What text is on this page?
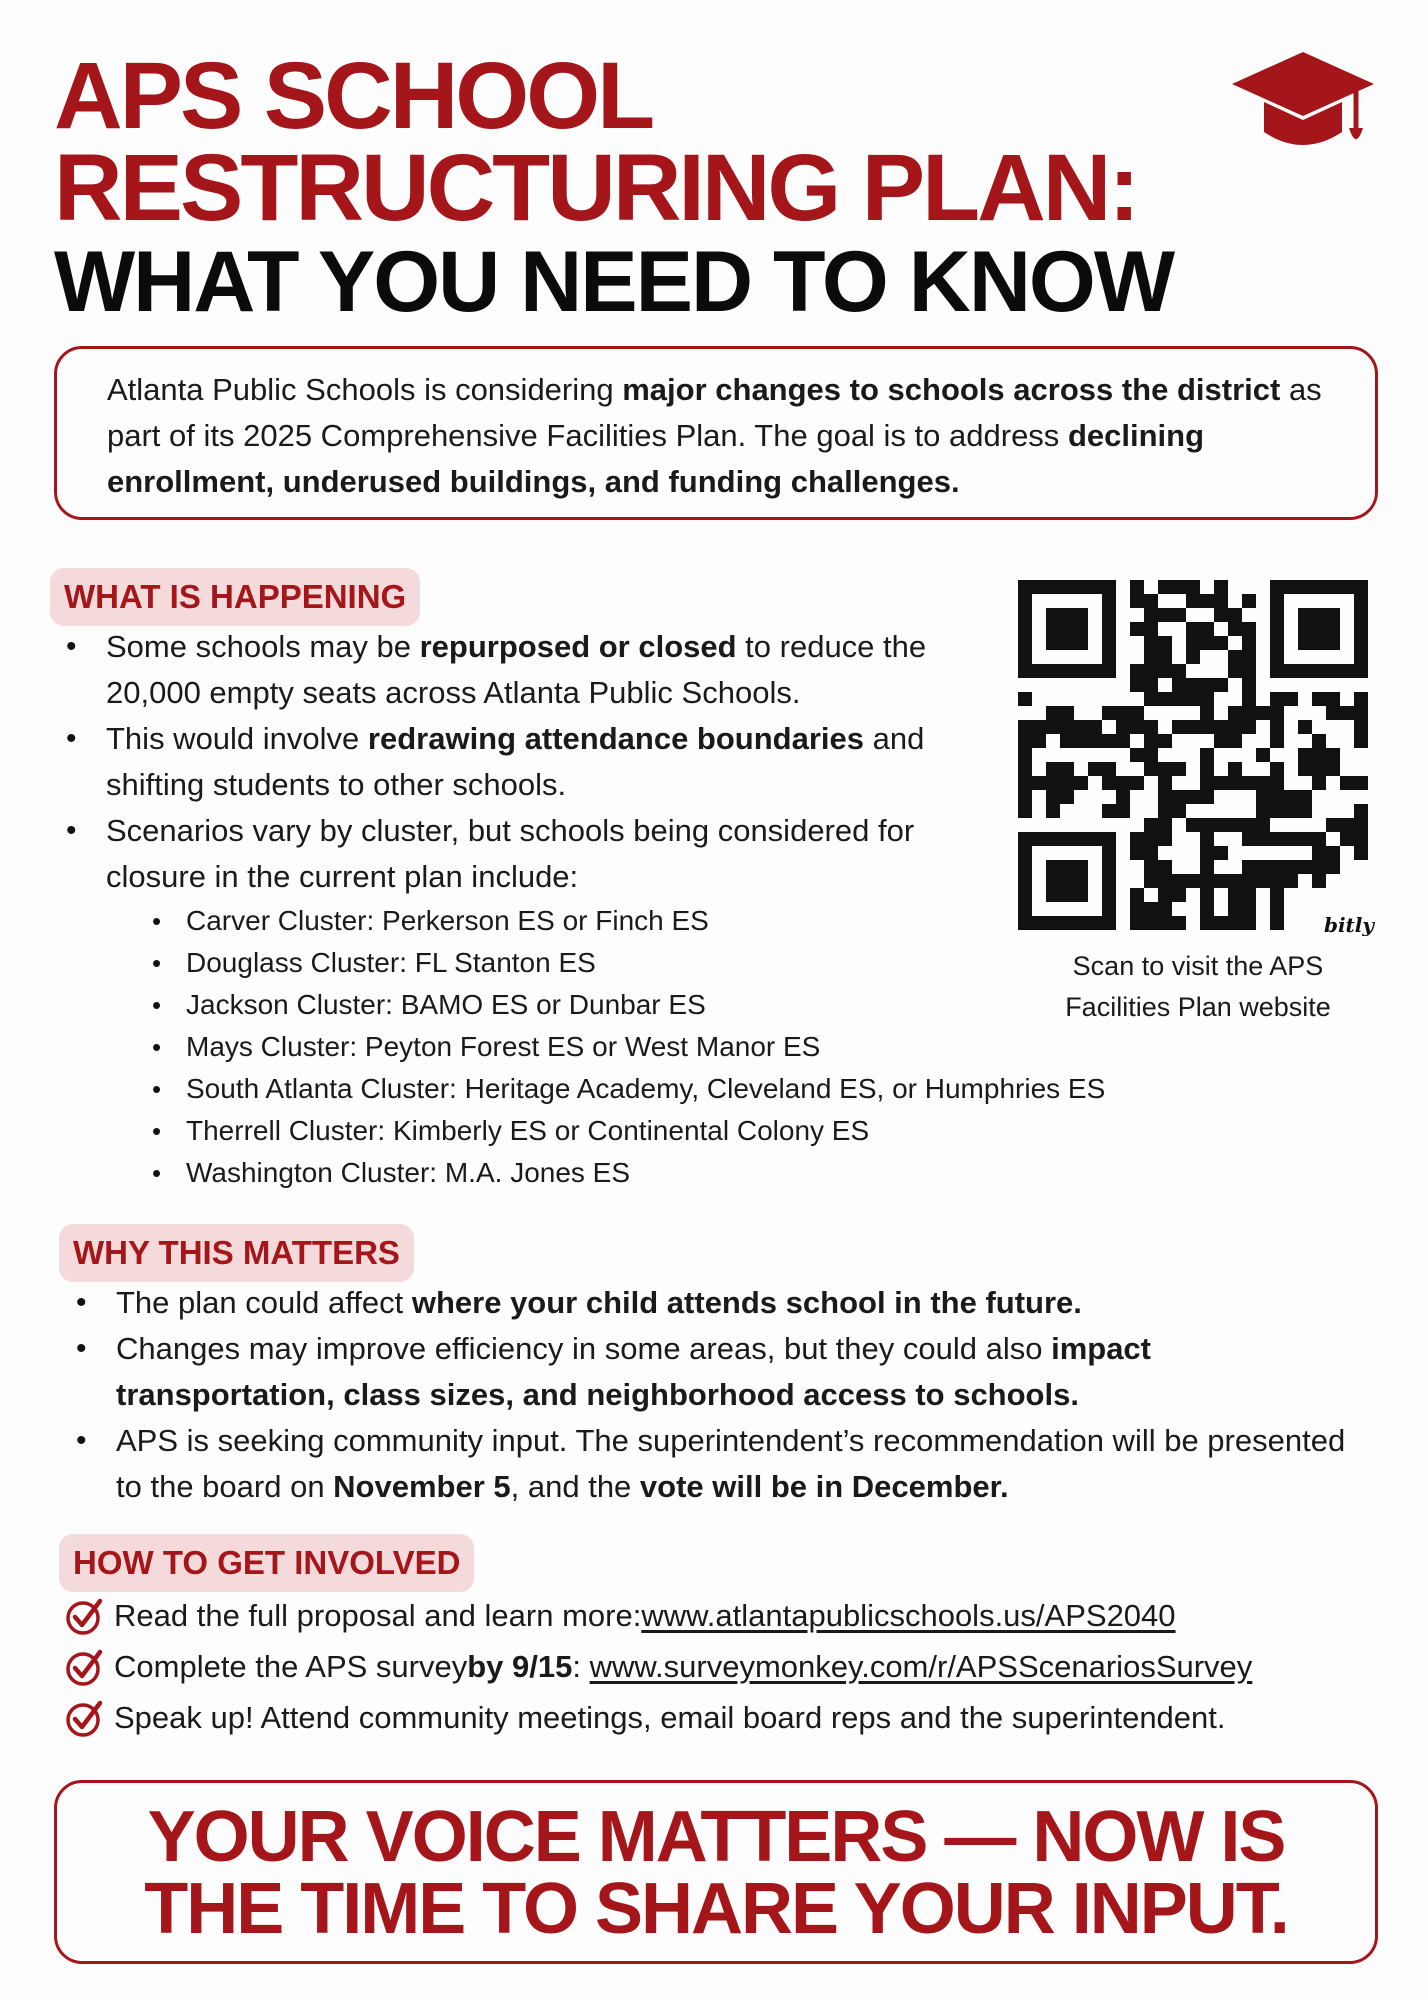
APS SCHOOL
RESTRUCTURING PLAN:
WHAT YOU NEED TO KNOW

Atlanta Public Schools is considering major changes to schools across the district as part of its 2025 Comprehensive Facilities Plan. The goal is to address declining enrollment, underused buildings, and funding challenges.

WHAT IS HAPPENING
• Some schools may be repurposed or closed to reduce the 20,000 empty seats across Atlanta Public Schools.
• This would involve redrawing attendance boundaries and shifting students to other schools.
• Scenarios vary by cluster, but schools being considered for closure in the current plan include:
• Carver Cluster: Perkerson ES or Finch ES
• Douglass Cluster: FL Stanton ES
• Jackson Cluster: BAMO ES or Dunbar ES
• Mays Cluster: Peyton Forest ES or West Manor ES
• South Atlanta Cluster: Heritage Academy, Cleveland ES, or Humphries ES
• Therrell Cluster: Kimberly ES or Continental Colony ES
• Washington Cluster: M.A. Jones ES
bitly
Scan to visit the APS
Facilities Plan website
WHY THIS MATTERS
• The plan could affect where your child attends school in the future.
• Changes may improve efficiency in some areas, but they could also impact transportation, class sizes, and neighborhood access to schools.
• APS is seeking community input. The superintendent’s recommendation will be presented to the board on November 5, and the vote will be in December.
HOW TO GET INVOLVED
Read the full proposal and learn more: www.atlantapublicschools.us/APS2040
Complete the APS survey by 9/15 : www.surveymonkey.com/r/APSScenariosSurvey
Speak up! Attend community meetings, email board reps and the superintendent.
YOUR VOICE MATTERS — NOW IS
THE TIME TO SHARE YOUR INPUT.
